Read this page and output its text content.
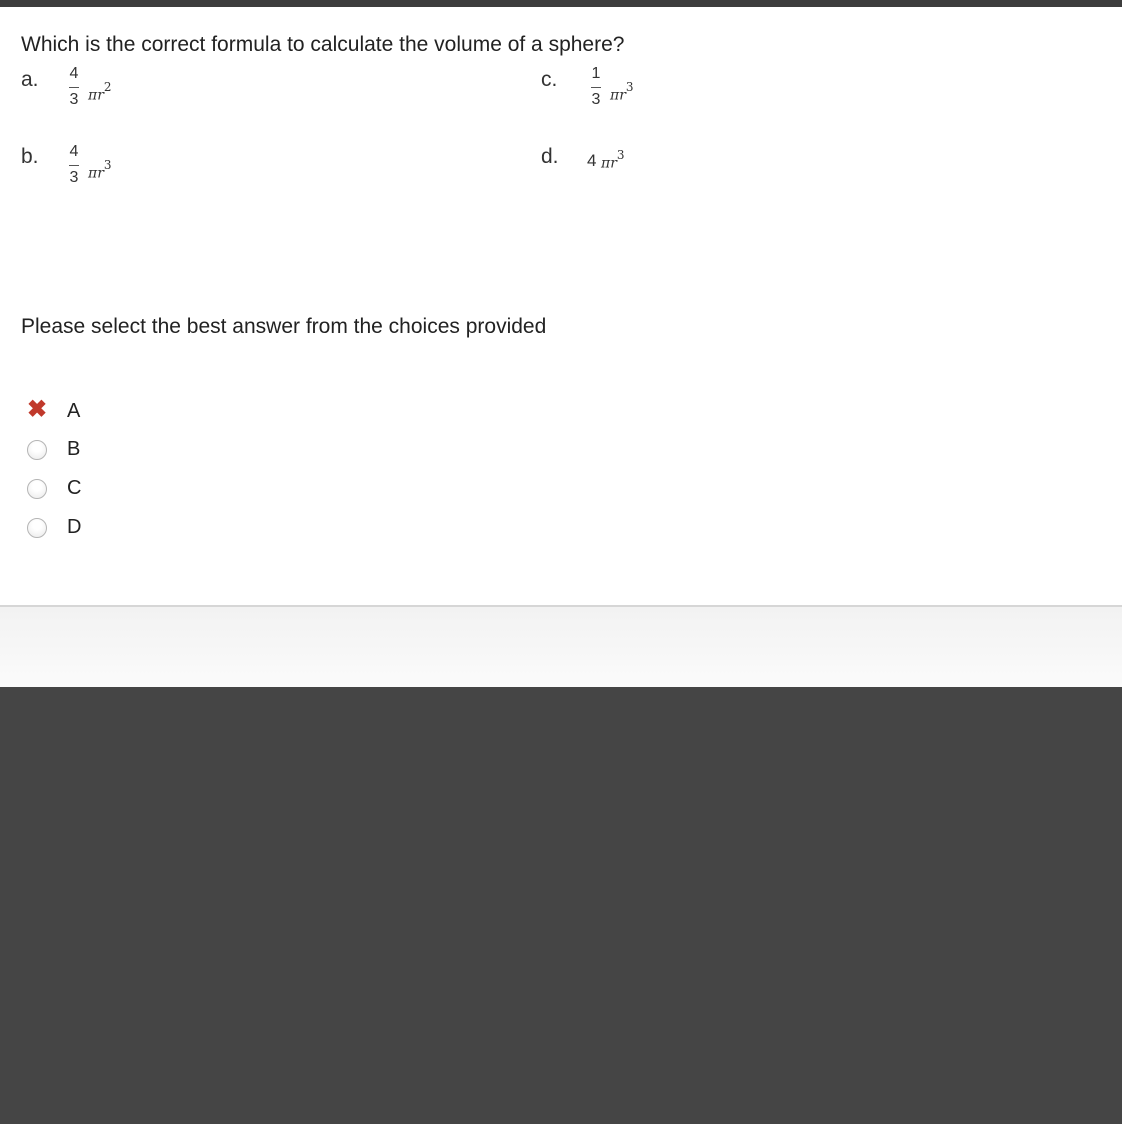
Which is the correct formula to calculate the volume of a sphere?
a. 4
3 $\pi r^2$
b. 4
3 $\pi r^3$
c. 1
3 $\pi r^3$
d. 4 $\pi r^3$
Please select the best answer from the choices provided
✖ A
B
C
D
